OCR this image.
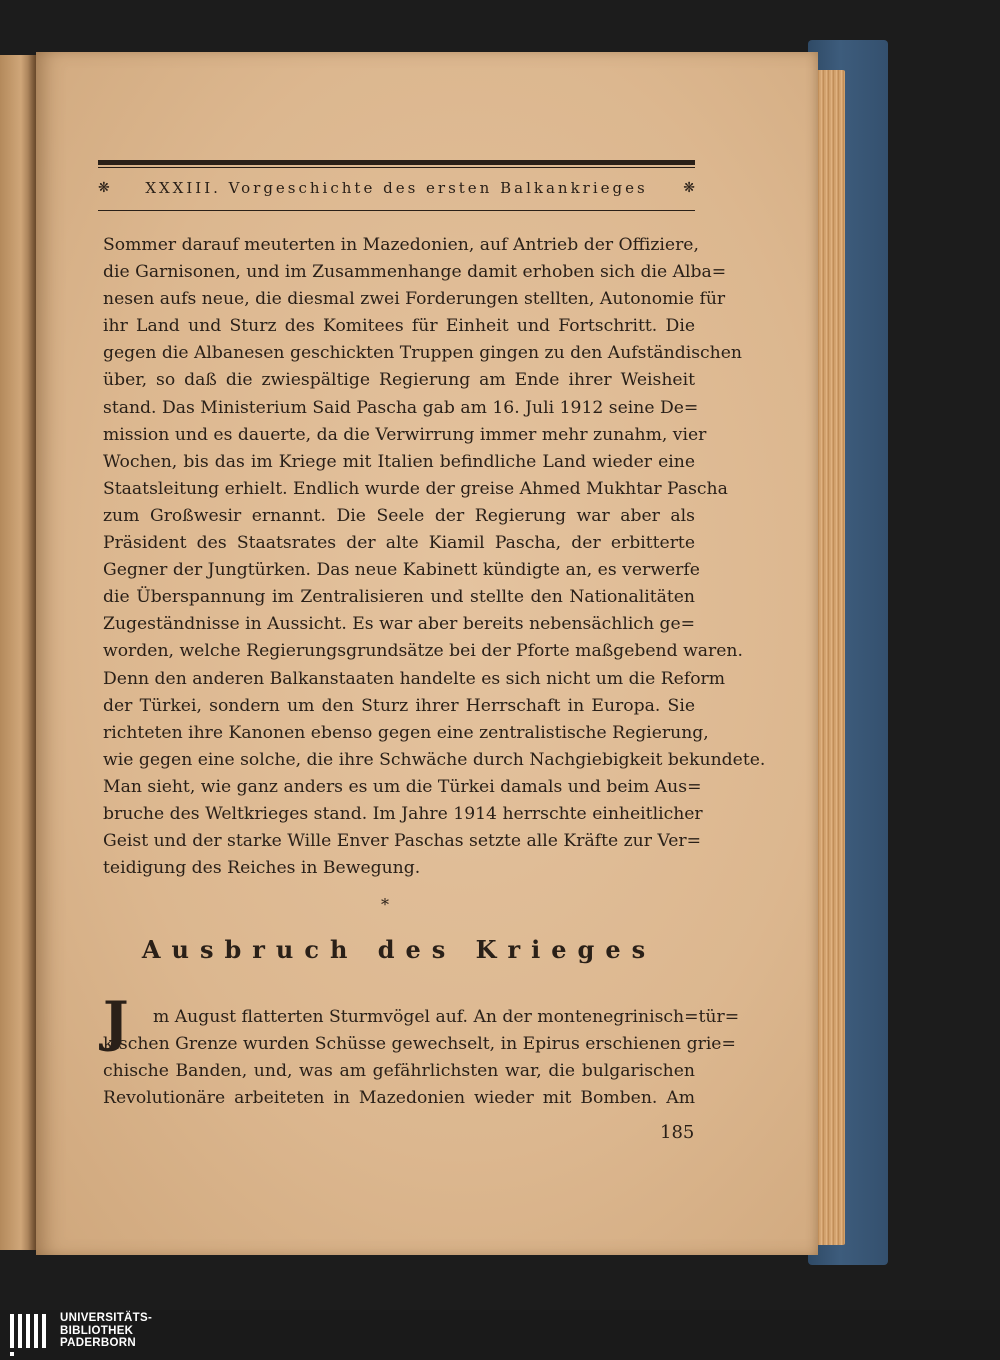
❋ XXXIII. Vorgeschichte des ersten Balkankrieges	❋
Sommer darauf meuterten in Mazedonien, auf Antrieb der Offiziere,
die Garnisonen, und im Zusammenhange damit erhoben sich die Alba=
nesen aufs neue, die diesmal zwei Forderungen stellten, Autonomie für
ihr Land und Sturz des Komitees für Einheit und Fortschritt. Die
gegen die Albanesen geschickten Truppen gingen zu den Aufständischen
über, so daß die zwiespältige Regierung am Ende ihrer Weisheit
stand. Das Ministerium Said Pascha gab am 16. Juli 1912 seine De=
mission und es dauerte, da die Verwirrung immer mehr zunahm, vier
Wochen, bis das im Kriege mit Italien befindliche Land wieder eine
Staatsleitung erhielt. Endlich wurde der greise Ahmed Mukhtar Pascha
zum Großwesir ernannt. Die Seele der Regierung war aber als
Präsident des Staatsrates der alte Kiamil Pascha, der erbitterte
Gegner der Jungtürken. Das neue Kabinett kündigte an, es verwerfe
die Überspannung im Zentralisieren und stellte den Nationalitäten
Zugeständnisse in Aussicht. Es war aber bereits nebensächlich ge=
worden, welche Regierungsgrundsätze bei der Pforte maßgebend waren.
Denn den anderen Balkanstaaten handelte es sich nicht um die Reform
der Türkei, sondern um den Sturz ihrer Herrschaft in Europa. Sie
richteten ihre Kanonen ebenso gegen eine zentralistische Regierung,
wie gegen eine solche, die ihre Schwäche durch Nachgiebigkeit bekundete.
Man sieht, wie ganz anders es um die Türkei damals und beim Aus=
bruche des Weltkrieges stand. Im Jahre 1914 herrschte einheitlicher
Geist und der starke Wille Enver Paschas setzte alle Kräfte zur Ver=
teidigung des Reiches in Bewegung.
*
Ausbruch des Krieges
J m August flatterten Sturmvögel auf. An der montenegrinisch=tür=
kischen Grenze wurden Schüsse gewechselt, in Epirus erschienen grie=
chische Banden, und, was am gefährlichsten war, die bulgarischen
Revolutionäre arbeiteten in Mazedonien wieder mit Bomben. Am
185
UNIVERSITÄTS-
BIBLIOTHEK
PADERBORN
